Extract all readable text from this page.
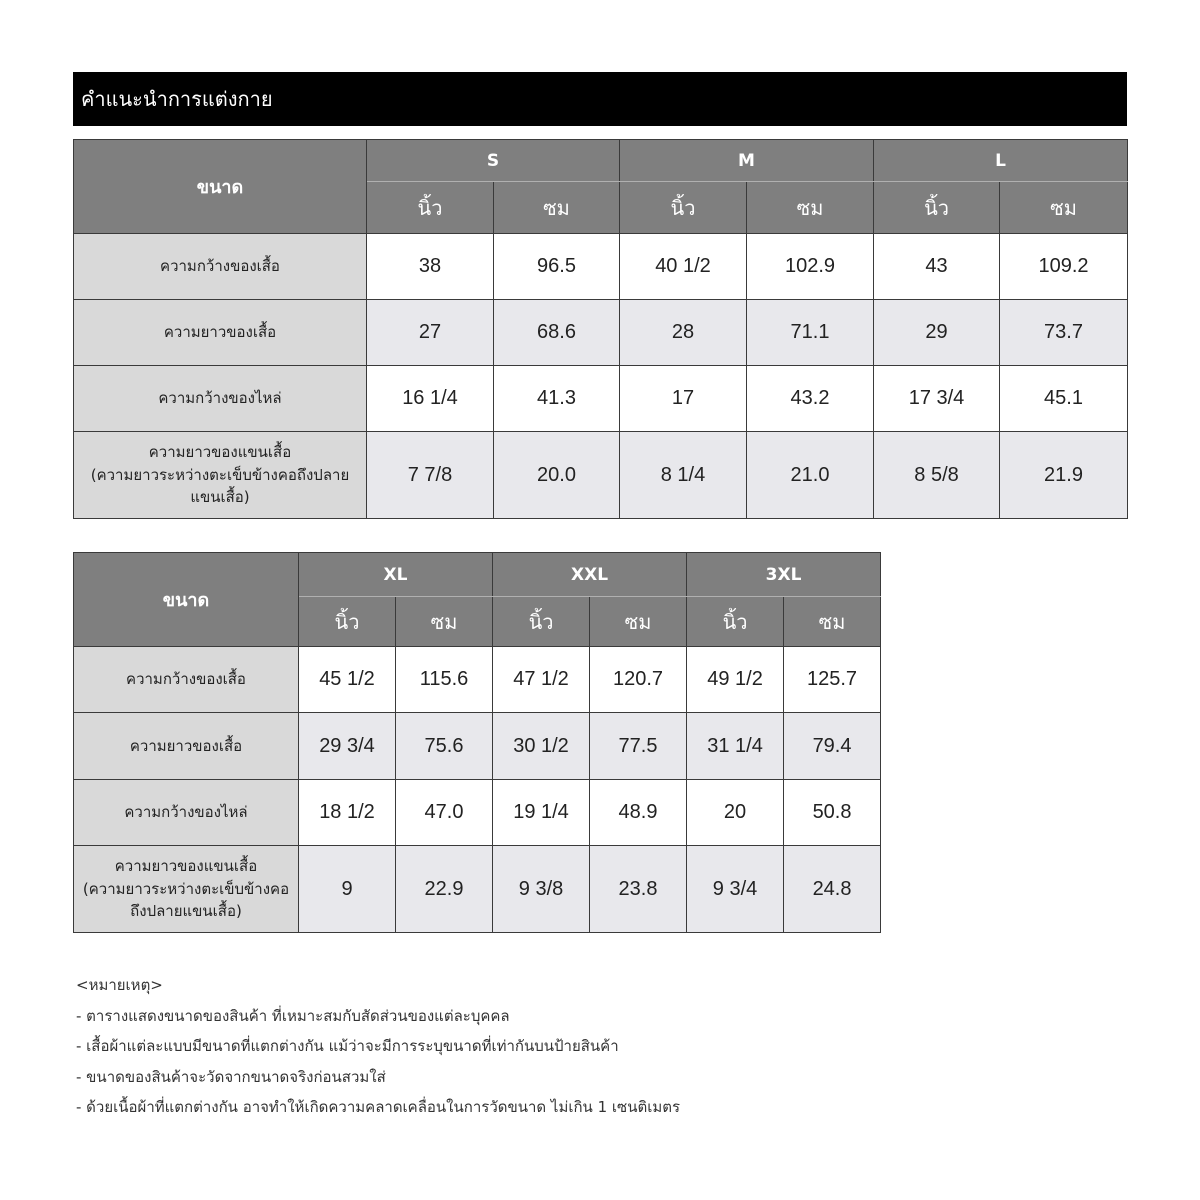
คำแนะนำการแต่งกาย
ขนาด	S		M		L	
	นิ้ว	ซม	นิ้ว	ซม	นิ้ว	ซม
ความกว้างของเสื้อ	38	96.5	40 1/2	102.9	43	109.2
ความยาวของเสื้อ	27	68.6	28	71.1	29	73.7
ความกว้างของไหล่	16 1/4	41.3	17	43.2	17 3/4	45.1

ความยาวของแขนเสื้อ
(ความยาวระหว่างตะเข็บข้างคอถึงปลาย
แขนเสื้อ)	7 7/8	20.0	8 1/4	21.0	8 5/8	21.9
ขนาด	XL		XXL		3XL	
	นิ้ว	ซม	นิ้ว	ซม	นิ้ว	ซม
ความกว้างของเสื้อ	45 1/2	115.6	47 1/2	120.7	49 1/2	125.7
ความยาวของเสื้อ	29 3/4	75.6	30 1/2	77.5	31 1/4	79.4
ความกว้างของไหล่	18 1/2	47.0	19 1/4	48.9	20	50.8

ความยาวของแขนเสื้อ
(ความยาวระหว่างตะเข็บข้างคอ
ถึงปลายแขนเสื้อ)	9	22.9	9 3/8	23.8	9 3/4	24.8
<หมายเหตุ>
- ตารางแสดงขนาดของสินค้า ที่เหมาะสมกับสัดส่วนของแต่ละบุคคล
- เสื้อผ้าแต่ละแบบมีขนาดที่แตกต่างกัน แม้ว่าจะมีการระบุขนาดที่เท่ากันบนป้ายสินค้า
- ขนาดของสินค้าจะวัดจากขนาดจริงก่อนสวมใส่
- ด้วยเนื้อผ้าที่แตกต่างกัน อาจทำให้เกิดความคลาดเคลื่อนในการวัดขนาด ไม่เกิน 1 เซนติเมตร
